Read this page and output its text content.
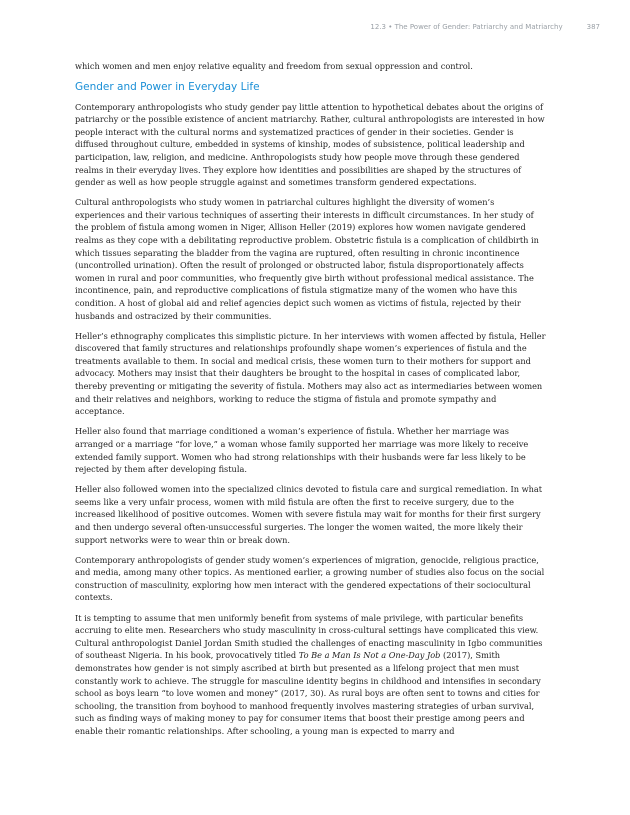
12.3 • The Power of Gender: Patriarchy and Matriarchy	387

which women and men enjoy relative equality and freedom from sexual oppression and control.

Gender and Power in Everyday Life

Contemporary anthropologists who study gender pay little attention to hypothetical debates about the origins of patriarchy or the possible existence of ancient matriarchy. Rather, cultural anthropologists are interested in how people interact with the cultural norms and systematized practices of gender in their societies. Gender is diffused throughout culture, embedded in systems of kinship, modes of subsistence, political leadership and participation, law, religion, and medicine. Anthropologists study how people move through these gendered realms in their everyday lives. They explore how identities and possibilities are shaped by the structures of gender as well as how people struggle against and sometimes transform gendered expectations.

Cultural anthropologists who study women in patriarchal cultures highlight the diversity of women’s experiences and their various techniques of asserting their interests in difficult circumstances. In her study of the problem of fistula among women in Niger, Allison Heller (2019) explores how women navigate gendered realms as they cope with a debilitating reproductive problem. Obstetric fistula is a complication of childbirth in which tissues separating the bladder from the vagina are ruptured, often resulting in chronic incontinence (uncontrolled urination). Often the result of prolonged or obstructed labor, fistula disproportionately affects women in rural and poor communities, who frequently give birth without professional medical assistance. The incontinence, pain, and reproductive complications of fistula stigmatize many of the women who have this condition. A host of global aid and relief agencies depict such women as victims of fistula, rejected by their husbands and ostracized by their communities.

Heller’s ethnography complicates this simplistic picture. In her interviews with women affected by fistula, Heller discovered that family structures and relationships profoundly shape women’s experiences of fistula and the treatments available to them. In social and medical crisis, these women turn to their mothers for support and advocacy. Mothers may insist that their daughters be brought to the hospital in cases of complicated labor, thereby preventing or mitigating the severity of fistula. Mothers may also act as intermediaries between women and their relatives and neighbors, working to reduce the stigma of fistula and promote sympathy and acceptance.

Heller also found that marriage conditioned a woman’s experience of fistula. Whether her marriage was arranged or a marriage “for love,” a woman whose family supported her marriage was more likely to receive extended family support. Women who had strong relationships with their husbands were far less likely to be rejected by them after developing fistula.

Heller also followed women into the specialized clinics devoted to fistula care and surgical remediation. In what seems like a very unfair process, women with mild fistula are often the first to receive surgery, due to the increased likelihood of positive outcomes. Women with severe fistula may wait for months for their first surgery and then undergo several often-unsuccessful surgeries. The longer the women waited, the more likely their support networks were to wear thin or break down.

Contemporary anthropologists of gender study women’s experiences of migration, genocide, religious practice, and media, among many other topics. As mentioned earlier, a growing number of studies also focus on the social construction of masculinity, exploring how men interact with the gendered expectations of their sociocultural contexts.

It is tempting to assume that men uniformly benefit from systems of male privilege, with particular benefits accruing to elite men. Researchers who study masculinity in cross-cultural settings have complicated this view. Cultural anthropologist Daniel Jordan Smith studied the challenges of enacting masculinity in Igbo communities of southeast Nigeria. In his book, provocatively titled To Be a Man Is Not a One-Day Job (2017), Smith demonstrates how gender is not simply ascribed at birth but presented as a lifelong project that men must constantly work to achieve. The struggle for masculine identity begins in childhood and intensifies in secondary school as boys learn “to love women and money” (2017, 30). As rural boys are often sent to towns and cities for schooling, the transition from boyhood to manhood frequently involves mastering strategies of urban survival, such as finding ways of making money to pay for consumer items that boost their prestige among peers and enable their romantic relationships. After schooling, a young man is expected to marry and
